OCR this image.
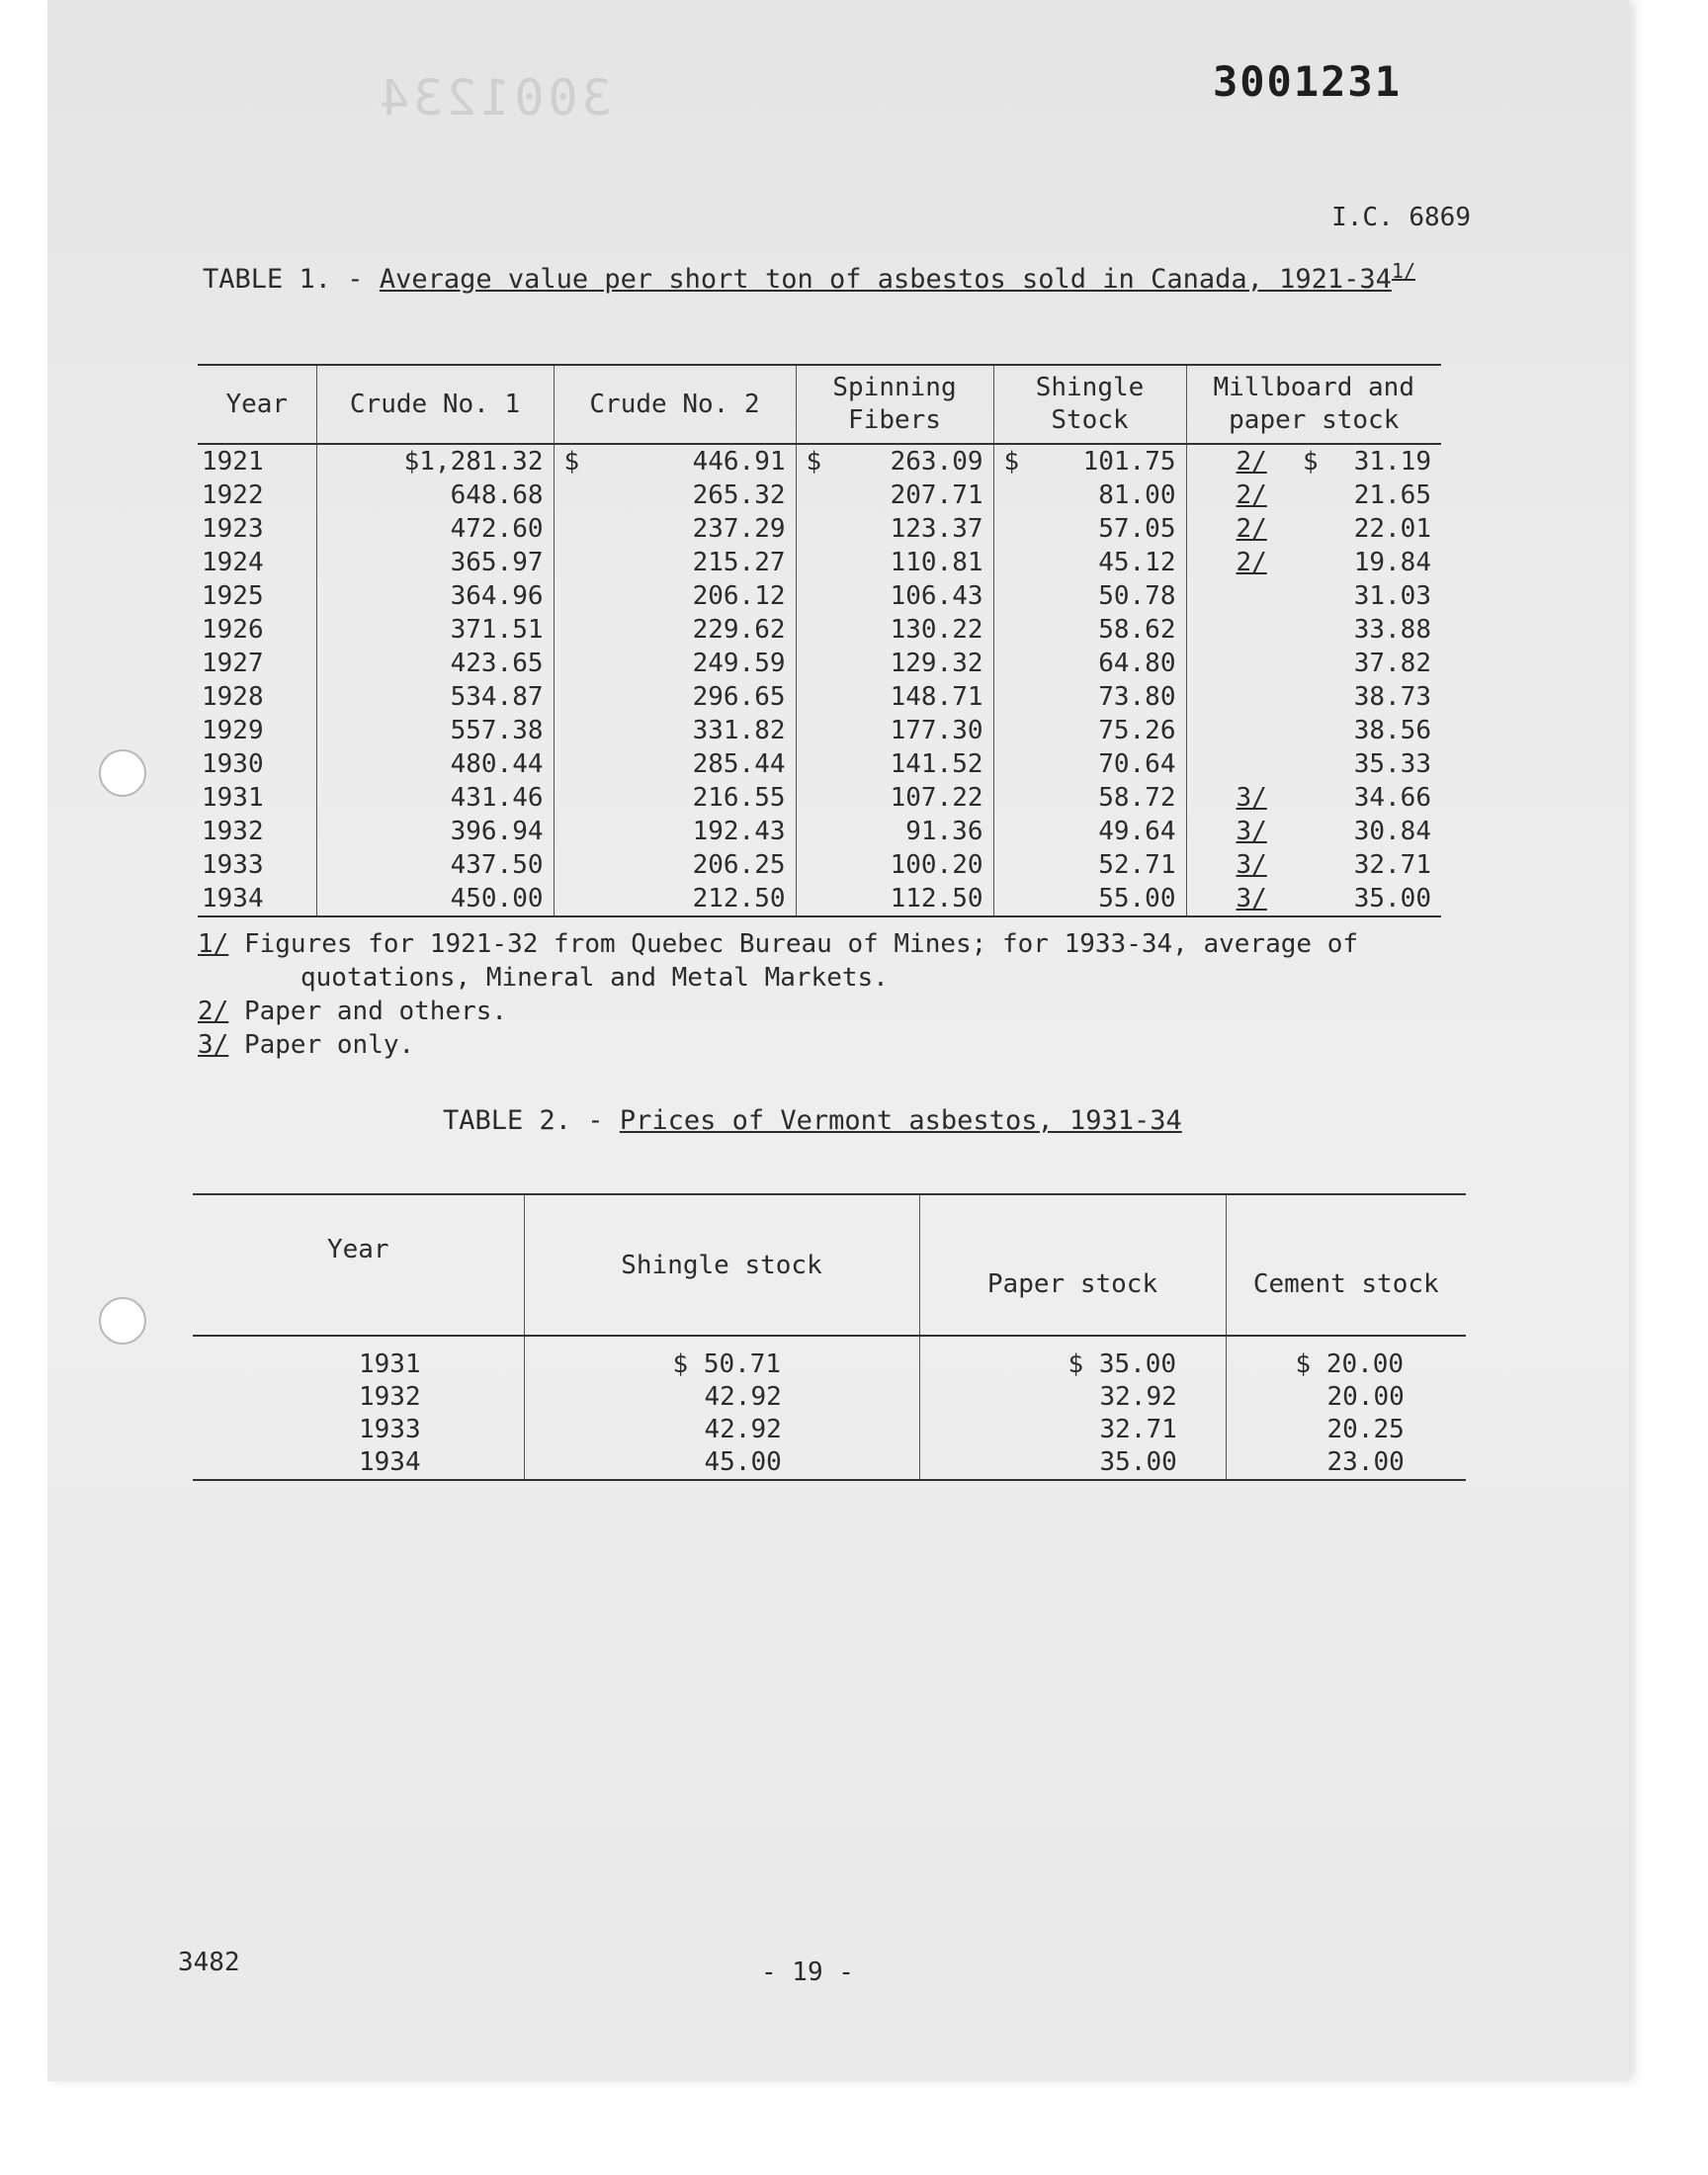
3001234	3001231
I.C. 6869
TABLE 1. - Average value per short ton of asbestos sold in Canada, $1921-34^{1/}$
Year	Crude No. 1	Crude No. 2	Spinning Fibers	Shingle Stock	Millboard and paper stock
1921	$1,281.32	$ 446.91	$ 263.09	$ 101.75	2/ $ 31.19

1922	648.68	265.32	207.71	81.00	2/ 21.65

1923	472.60	237.29	123.37	57.05	2/ 22.01

1924	365.97	215.27	110.81	45.12	2/ 19.84

1925	364.96	206.12	106.43	50.78	31.03
1926	371.51	229.62	130.22	58.62	33.88
1927	423.65	249.59	129.32	64.80	37.82
1928	534.87	296.65	148.71	73.80	38.73
1929	557.38	331.82	177.30	75.26	38.56
1930	480.44	285.44	141.52	70.64	35.33
1931	431.46	216.55	107.22	58.72	3/ 34.66

1932	396.94	192.43	91.36	49.64	3/ 30.84

1933	437.50	206.25	100.20	52.71	3/ 32.71

1934	450.00	212.50	112.50	55.00	3/ 35.00
1/ Figures for 1921-32 from Quebec Bureau of Mines; for 1933-34, average of
quotations, Mineral and Metal Markets.
2/ Paper and others.
3/ Paper only.
TABLE 2. - Prices of Vermont asbestos, 1931-34
Year	Shingle stock	Paper stock	Cement stock
1931	$ 50.71	$ 35.00	$ 20.00
1932	42.92	32.92	20.00
1933	42.92	32.71	20.25
1934	45.00	35.00	23.00
3482	- 19 -
